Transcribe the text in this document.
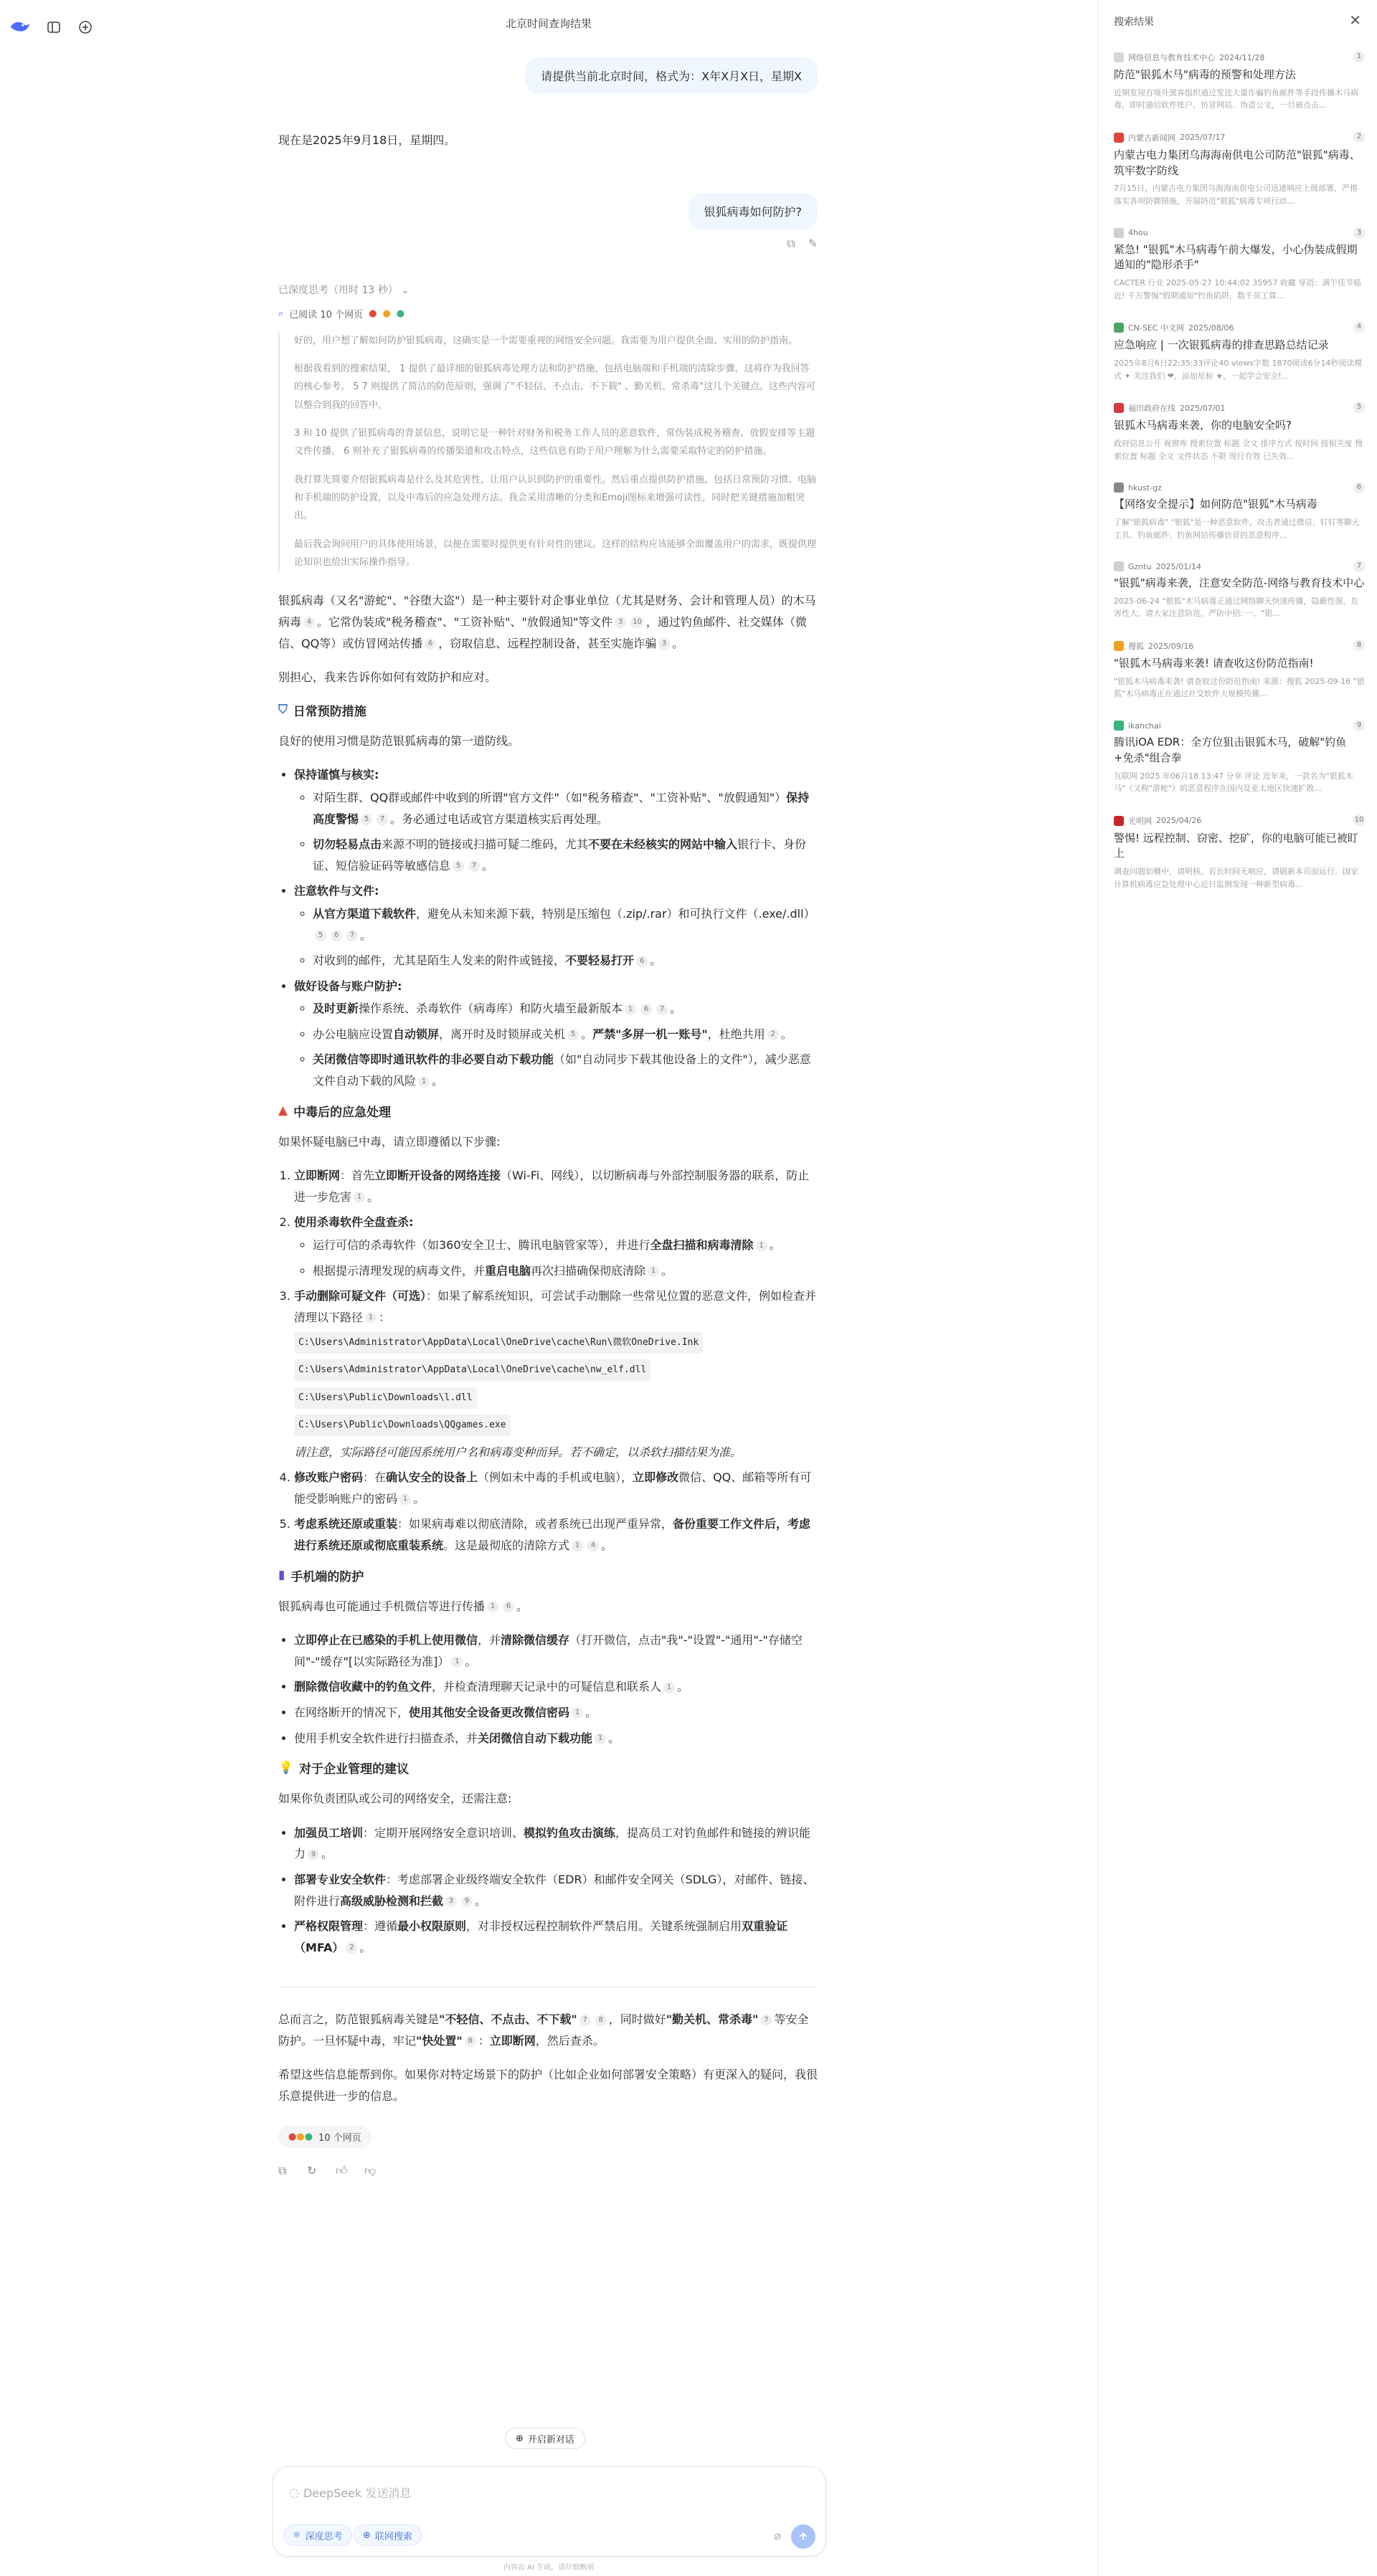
北京时间查询结果
请提供当前北京时间，格式为：X年X月X日，星期X

现在是2025年9月18日，星期四。

银狐病毒如何防护?
⧉ ✎
已深度思考（用时 13 秒） ⌄
⌕ 已阅读 10 个网页 ● ● ●

好的，用户想了解如何防护银狐病毒，这确实是一个需要重视的网络安全问题。我需要为用户提供全面、实用的防护指南。

根据我看到的搜索结果， 1 提供了最详细的银狐病毒处理方法和防护措施，包括电脑端和手机端的清除步骤，这将作为我回答的核心参考。 5 7 则提供了简洁的防范原则，强调了"不轻信、不点击、不下载" 、勤关机、常杀毒"这几个关键点。这些内容可以整合到我的回答中。

3 和 10 提供了银狐病毒的背景信息，说明它是一种针对财务和税务工作人员的恶意软件，常伪装成税务稽查、放假安排等主题文件传播。 6 则补充了银狐病毒的传播渠道和攻击特点，这些信息有助于用户理解为什么需要采取特定的防护措施。

我打算先简要介绍银狐病毒是什么及其危害性，让用户认识到防护的重要性。然后重点提供防护措施，包括日常预防习惯、电脑和手机端的防护设置，以及中毒后的应急处理方法。我会采用清晰的分类和Emoji图标来增强可读性，同时把关键措施加粗突出。

最后我会询问用户的具体使用场景，以便在需要时提供更有针对性的建议。这样的结构应该能够全面覆盖用户的需求，既提供理论知识也给出实际操作指导。

银狐病毒（又名"游蛇"、"谷堕大盗"）是一种主要针对企事业单位（尤其是财务、会计和管理人员）的木马病毒 4 。它常伪装成"税务稽查"、"工资补贴"、"放假通知"等文件 3 10 ，通过钓鱼邮件、社交媒体（微信、QQ等）或仿冒网站传播 6 ，窃取信息、远程控制设备，甚至实施诈骗 3 。

别担心，我来告诉你如何有效防护和应对。

⛉ 日常预防措施

良好的使用习惯是防范银狐病毒的第一道防线。

• 保持谨慎与核实:
◦ 对陌生群、QQ群或邮件中收到的所谓"官方文件"（如"税务稽查"、"工资补贴"、"放假通知"）保持高度警惕 5 7 。务必通过电话或官方渠道核实后再处理。
◦ 切勿轻易点击来源不明的链接或扫描可疑二维码，尤其不要在未经核实的网站中输入银行卡、身份证、短信验证码等敏感信息 5 7 。
• 注意软件与文件:
◦ 从官方渠道下载软件，避免从未知来源下载，特别是压缩包（.zip/.rar）和可执行文件（.exe/.dll）5 6 7 。
◦ 对收到的邮件，尤其是陌生人发来的附件或链接，不要轻易打开 6 。
• 做好设备与账户防护:
◦ 及时更新操作系统、杀毒软件（病毒库）和防火墙至最新版本 1 6 7 。
◦ 办公电脑应设置自动锁屏，离开时及时锁屏或关机 5 。严禁"多屏一机一账号"，杜绝共用 2 。
◦ 关闭微信等即时通讯软件的非必要自动下载功能（如"自动同步下载其他设备上的文件"），减少恶意文件自动下载的风险 1 。
▲ 中毒后的应急处理

如果怀疑电脑已中毒，请立即遵循以下步骤:

1. 立即断网：首先立即断开设备的网络连接（Wi-Fi、网线），以切断病毒与外部控制服务器的联系，防止进一步危害 1 。
2. 使用杀毒软件全盘查杀:
◦ 运行可信的杀毒软件（如360安全卫士、腾讯电脑管家等），并进行全盘扫描和病毒清除 1 。
◦ 根据提示清理发现的病毒文件，并重启电脑再次扫描确保彻底清除 1 。
3. 手动删除可疑文件（可选）：如果了解系统知识，可尝试手动删除一些常见位置的恶意文件，例如检查并清理以下路径 1 ：
C:\Users\Administrator\AppData\Local\OneDrive\cache\Run\微软OneDrive.Ink
C:\Users\Administrator\AppData\Local\OneDrive\cache\nw_elf.dll
C:\Users\Public\Downloads\l.dll
C:\Users\Public\Downloads\QQgames.exe
请注意，实际路径可能因系统用户名和病毒变种而异。若不确定，以杀软扫描结果为准。
4. 修改账户密码：在确认安全的设备上（例如未中毒的手机或电脑），立即修改微信、QQ、邮箱等所有可能受影响账户的密码 1 。
5. 考虑系统还原或重装：如果病毒难以彻底清除，或者系统已出现严重异常，备份重要工作文件后，考虑进行系统还原或彻底重装系统。这是最彻底的清除方式 1 4 。
▮ 手机端的防护

银狐病毒也可能通过手机微信等进行传播 1 6 。

• 立即停止在已感染的手机上使用微信，并清除微信缓存（打开微信，点击"我"-"设置"-"通用"-"存储空间"-"缓存"[以实际路径为准]） 1 。
• 删除微信收藏中的钓鱼文件，并检查清理聊天记录中的可疑信息和联系人 1 。
• 在网络断开的情况下，使用其他安全设备更改微信密码 1 。
• 使用手机安全软件进行扫描查杀，并关闭微信自动下载功能 1 。
💡 对于企业管理的建议

如果你负责团队或公司的网络安全，还需注意:

• 加强员工培训：定期开展网络安全意识培训、模拟钓鱼攻击演练，提高员工对钓鱼邮件和链接的辨识能力 9 。
• 部署专业安全软件：考虑部署企业级终端安全软件（EDR）和邮件安全网关（SDLG），对邮件、链接、附件进行高级威胁检测和拦截 3 9 。
• 严格权限管理：遵循最小权限原则，对非授权远程控制软件严禁启用。关键系统强制启用双重验证（MFA） 2 。

总而言之，防范银狐病毒关键是"不轻信、不点击、不下载" 7 8 ，同时做好"勤关机、常杀毒" 7 等安全防护。一旦怀疑中毒，牢记"快处置" 8 ：立即断网，然后查杀。

希望这些信息能帮到你。如果你对特定场景下的防护（比如企业如何部署安全策略）有更深入的疑问，我很乐意提供进一步的信息。

●●● 10 个网页
⧉	↻ 👍︎ 👎︎
⊕ 开启新对话
◌ DeepSeek 发送消息
⚛ 深度思考 ⊕ 联网搜索	⌀
内容由 AI 生成，请仔细甄别
搜索结果	✕
网络信息与教育技术中心 2024/11/28	1
防范"银狐木马"病毒的预警和处理方法
近期发现有境外黑客组织通过发送大量诈骗钓鱼邮件等手段传播木马病毒，即时通信软件账户、仿冒网站、伪造公文，一旦被点击...
内蒙古新闻网 2025/07/17	2
内蒙古电力集团乌海海南供电公司防范"银狐"病毒、筑牢数字防线
7月15日，内蒙古电力集团乌海海南供电公司迅速响应上级部署，严格落实各项防御措施，开展防范"银狐"病毒专项行动...
4hou	3
紧急! "银狐"木马病毒午前大爆发，小心伪装成假期通知的"隐形杀手"
CACTER 行业 2025-05-27 10:44:02 35957 收藏 导语：满午佳节临近! 千万警惕"假期通知"钓鱼陷阱，数千员工算...
CN-SEC 中文网 2025/08/06	4
应急响应 | 一次银狐病毒的排查思路总结记录
2025年8月6日22:35:33评论40 views字数 1870阅读6分14秒阅读模式 ✦ 关注我们 ❤，添加星标 ★，一起学会安全!...
福田政府在线 2025/07/01	5
银狐木马病毒来袭，你的电脑安全吗?
政府信息公开 视窗库 搜索位置 标题 全文 排序方式 按时间 按相关度 搜索位置 标题 全文 文件状态 不限 现行有效 已失效...
hkust-gz	6
【网络安全提示】如何防范"银狐"木马病毒
了解"银狐病毒" "银狐"是一种恶意软件，攻击者通过微信、钉钉等聊天工具、钓鱼邮件、钓鱼网站传播仿冒的恶意程序...
Gzntu 2025/01/14	7
"银狐"病毒来袭，注意安全防范-网络与教育技术中心
2025-06-24 "银狐"木马病毒正通过网络聊天快速传播，隐蔽性强、危害性大。请大家注意防范，严防中招: 一、"银...
搜狐 2025/09/16	8
"银狐木马病毒来袭! 请查收这份防范指南!
"银狐木马病毒来袭! 请查收这份防范指南! 来源：搜狐 2025-09-16 "银狐"木马病毒正在通过社交软件大规模传播...
ikanchai	9
腾讯iOA EDR：全方位狙击银狐木马，破解"钓鱼+免杀"组合拳
互联网 2025 年06月18 13:47 分享 评论 近年来，一款名为"银狐木马"（又称"游蛇"）的恶意程序在国内及亚太地区快速扩散...
光明网 2025/04/26	10
警惕! 远程控制、窃密、挖矿，你的电脑可能已被盯上
调查问题如概中，请明核。若长时间无响应，请刷新本页面运行。国家计算机病毒应急处理中心近日监测发现一种新型病毒...
